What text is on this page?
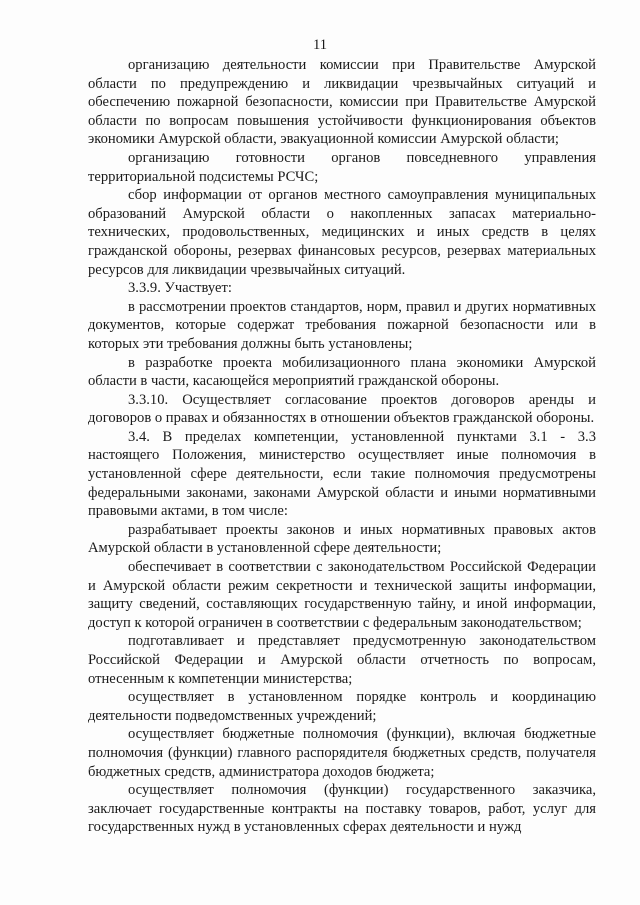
11

организацию деятельности комиссии при Правительстве Амурской области по предупреждению и ликвидации чрезвычайных ситуаций и обеспечению пожарной безопасности, комиссии при Правительстве Амурской области по вопросам повышения устойчивости функционирования объектов экономики Амурской области, эвакуационной комиссии Амурской области;

организацию готовности органов повседневного управления территориальной подсистемы РСЧС;

сбор информации от органов местного самоуправления муниципальных образований Амурской области о накопленных запасах материально-технических, продовольственных, медицинских и иных средств в целях гражданской обороны, резервах финансовых ресурсов, резервах материальных ресурсов для ликвидации чрезвычайных ситуаций.

3.3.9. Участвует:

в рассмотрении проектов стандартов, норм, правил и других нормативных документов, которые содержат требования пожарной безопасности или в которых эти требования должны быть установлены;

в разработке проекта мобилизационного плана экономики Амурской области в части, касающейся мероприятий гражданской обороны.

3.3.10. Осуществляет согласование проектов договоров аренды и договоров о правах и обязанностях в отношении объектов гражданской обороны.

3.4. В пределах компетенции, установленной пунктами 3.1 - 3.3 настоящего Положения, министерство осуществляет иные полномочия в установленной сфере деятельности, если такие полномочия предусмотрены федеральными законами, законами Амурской области и иными нормативными правовыми актами, в том числе:

разрабатывает проекты законов и иных нормативных правовых актов Амурской области в установленной сфере деятельности;

обеспечивает в соответствии с законодательством Российской Федерации и Амурской области режим секретности и технической защиты информации, защиту сведений, составляющих государственную тайну, и иной информации, доступ к которой ограничен в соответствии с федеральным законодательством;

подготавливает и представляет предусмотренную законодательством Российской Федерации и Амурской области отчетность по вопросам, отнесенным к компетенции министерства;

осуществляет в установленном порядке контроль и координацию деятельности подведомственных учреждений;

осуществляет бюджетные полномочия (функции), включая бюджетные полномочия (функции) главного распорядителя бюджетных средств, получателя бюджетных средств, администратора доходов бюджета;

осуществляет полномочия (функции) государственного заказчика, заключает государственные контракты на поставку товаров, работ, услуг для государственных нужд в установленных сферах деятельности и нужд
